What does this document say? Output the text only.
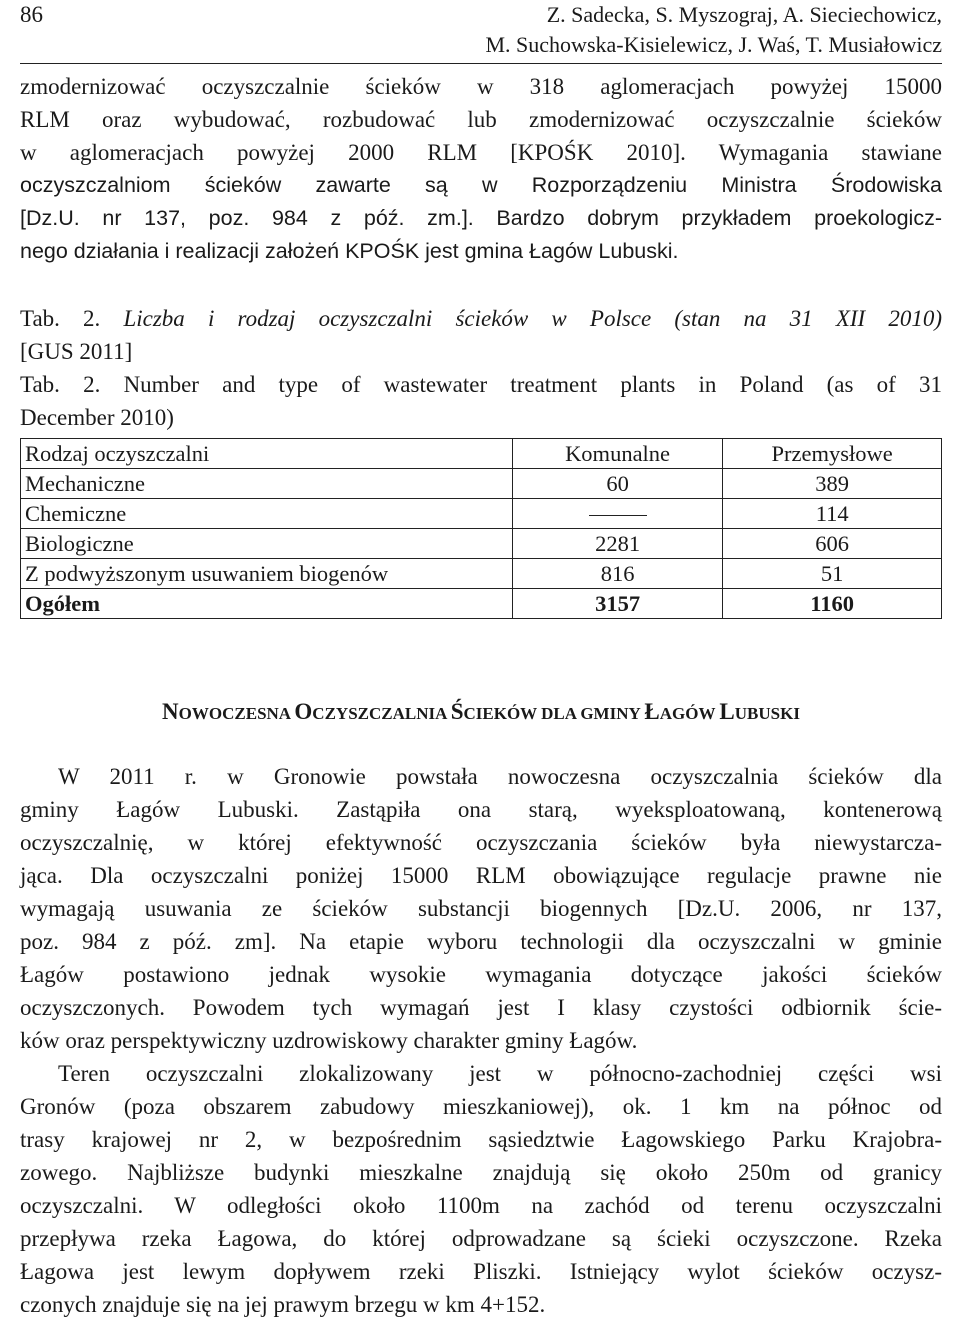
86	Z. Sadecka, S. Myszograj, A. Sieciechowicz,
M. Suchowska-Kisielewicz, J. Waś, T. Musiałowicz
zmodernizować oczyszczalnie ścieków w 318 aglomeracjach powyżej 15000
RLM oraz wybudować, rozbudować lub zmodernizować oczyszczalnie ścieków
w aglomeracjach powyżej 2000 RLM [KPOŚK 2010]. Wymagania stawiane
oczyszczalniom ścieków zawarte są w Rozporządzeniu Ministra Środowiska
[Dz.U. nr 137, poz. 984 z póź. zm.]. Bardzo dobrym przykładem proekologicz-
nego działania i realizacji założeń KPOŚK jest gmina Łagów Lubuski.
Tab. 2. Liczba i rodzaj oczyszczalni ścieków w Polsce (stan na 31 XII 2010)
[GUS 2011]
Tab. 2. Number and type of wastewater treatment plants in Poland (as of 31
December 2010)
Rodzaj oczyszczalni	Komunalne	Przemysłowe
Mechaniczne	60	389
Chemiczne		114
Biologiczne	2281	606
Z podwyższonym usuwaniem biogenów	816	51
Ogółem	3157	1160
NOWOCZESNA OCZYSZCZALNIA ŚCIEKÓW DLA GMINY ŁAGÓW LUBUSKI
W 2011 r. w Gronowie powstała nowoczesna oczyszczalnia ścieków dla
gminy Łagów Lubuski. Zastąpiła ona starą, wyeksploatowaną, kontenerową
oczyszczalnię, w której efektywność oczyszczania ścieków była niewystarcza-
jąca. Dla oczyszczalni poniżej 15000 RLM obowiązujące regulacje prawne nie
wymagają usuwania ze ścieków substancji biogennych [Dz.U. 2006, nr 137,
poz. 984 z póź. zm]. Na etapie wyboru technologii dla oczyszczalni w gminie
Łagów postawiono jednak wysokie wymagania dotyczące jakości ścieków
oczyszczonych. Powodem tych wymagań jest I klasy czystości odbiornik ście-
ków oraz perspektywiczny uzdrowiskowy charakter gminy Łagów.
Teren oczyszczalni zlokalizowany jest w północno-zachodniej części wsi
Gronów (poza obszarem zabudowy mieszkaniowej), ok. 1 km na północ od
trasy krajowej nr 2, w bezpośrednim sąsiedztwie Łagowskiego Parku Krajobra-
zowego. Najbliższe budynki mieszkalne znajdują się około 250m od granicy
oczyszczalni. W odległości około 1100m na zachód od terenu oczyszczalni
przepływa rzeka Łagowa, do której odprowadzane są ścieki oczyszczone. Rzeka
Łagowa jest lewym dopływem rzeki Pliszki. Istniejący wylot ścieków oczysz-
czonych znajduje się na jej prawym brzegu w km 4+152.
